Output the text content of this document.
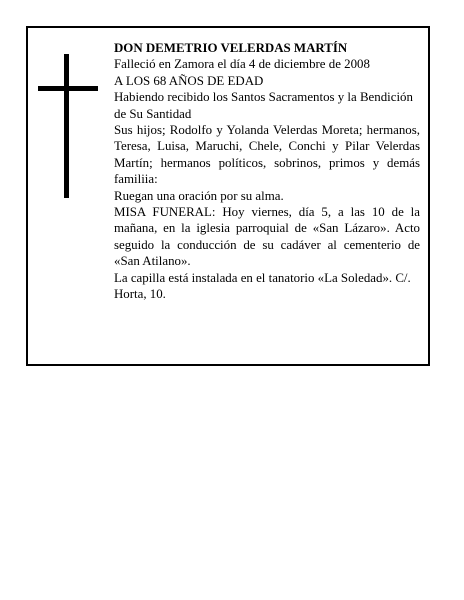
DON DEMETRIO VELERDAS MARTÍN

Falleció en Zamora el día 4 de diciembre de 2008

A LOS 68 AÑOS DE EDAD

Habiendo recibido los Santos Sacramentos y la Bendición de Su Santidad

Sus hijos; Rodolfo y Yolanda Velerdas Moreta; hermanos, Teresa, Luisa, Maruchi, Chele, Conchi y Pilar Velerdas Martín; hermanos políticos, sobrinos, primos y demás familiia:

Ruegan una oración por su alma.

MISA FUNERAL: Hoy viernes, día 5, a las 10 de la mañana, en la iglesia parroquial de «San Lázaro». Acto seguido la conducción de su cadáver al cementerio de «San Atilano».

La capilla está instalada en el tanatorio «La Soledad». C/. Horta, 10.
